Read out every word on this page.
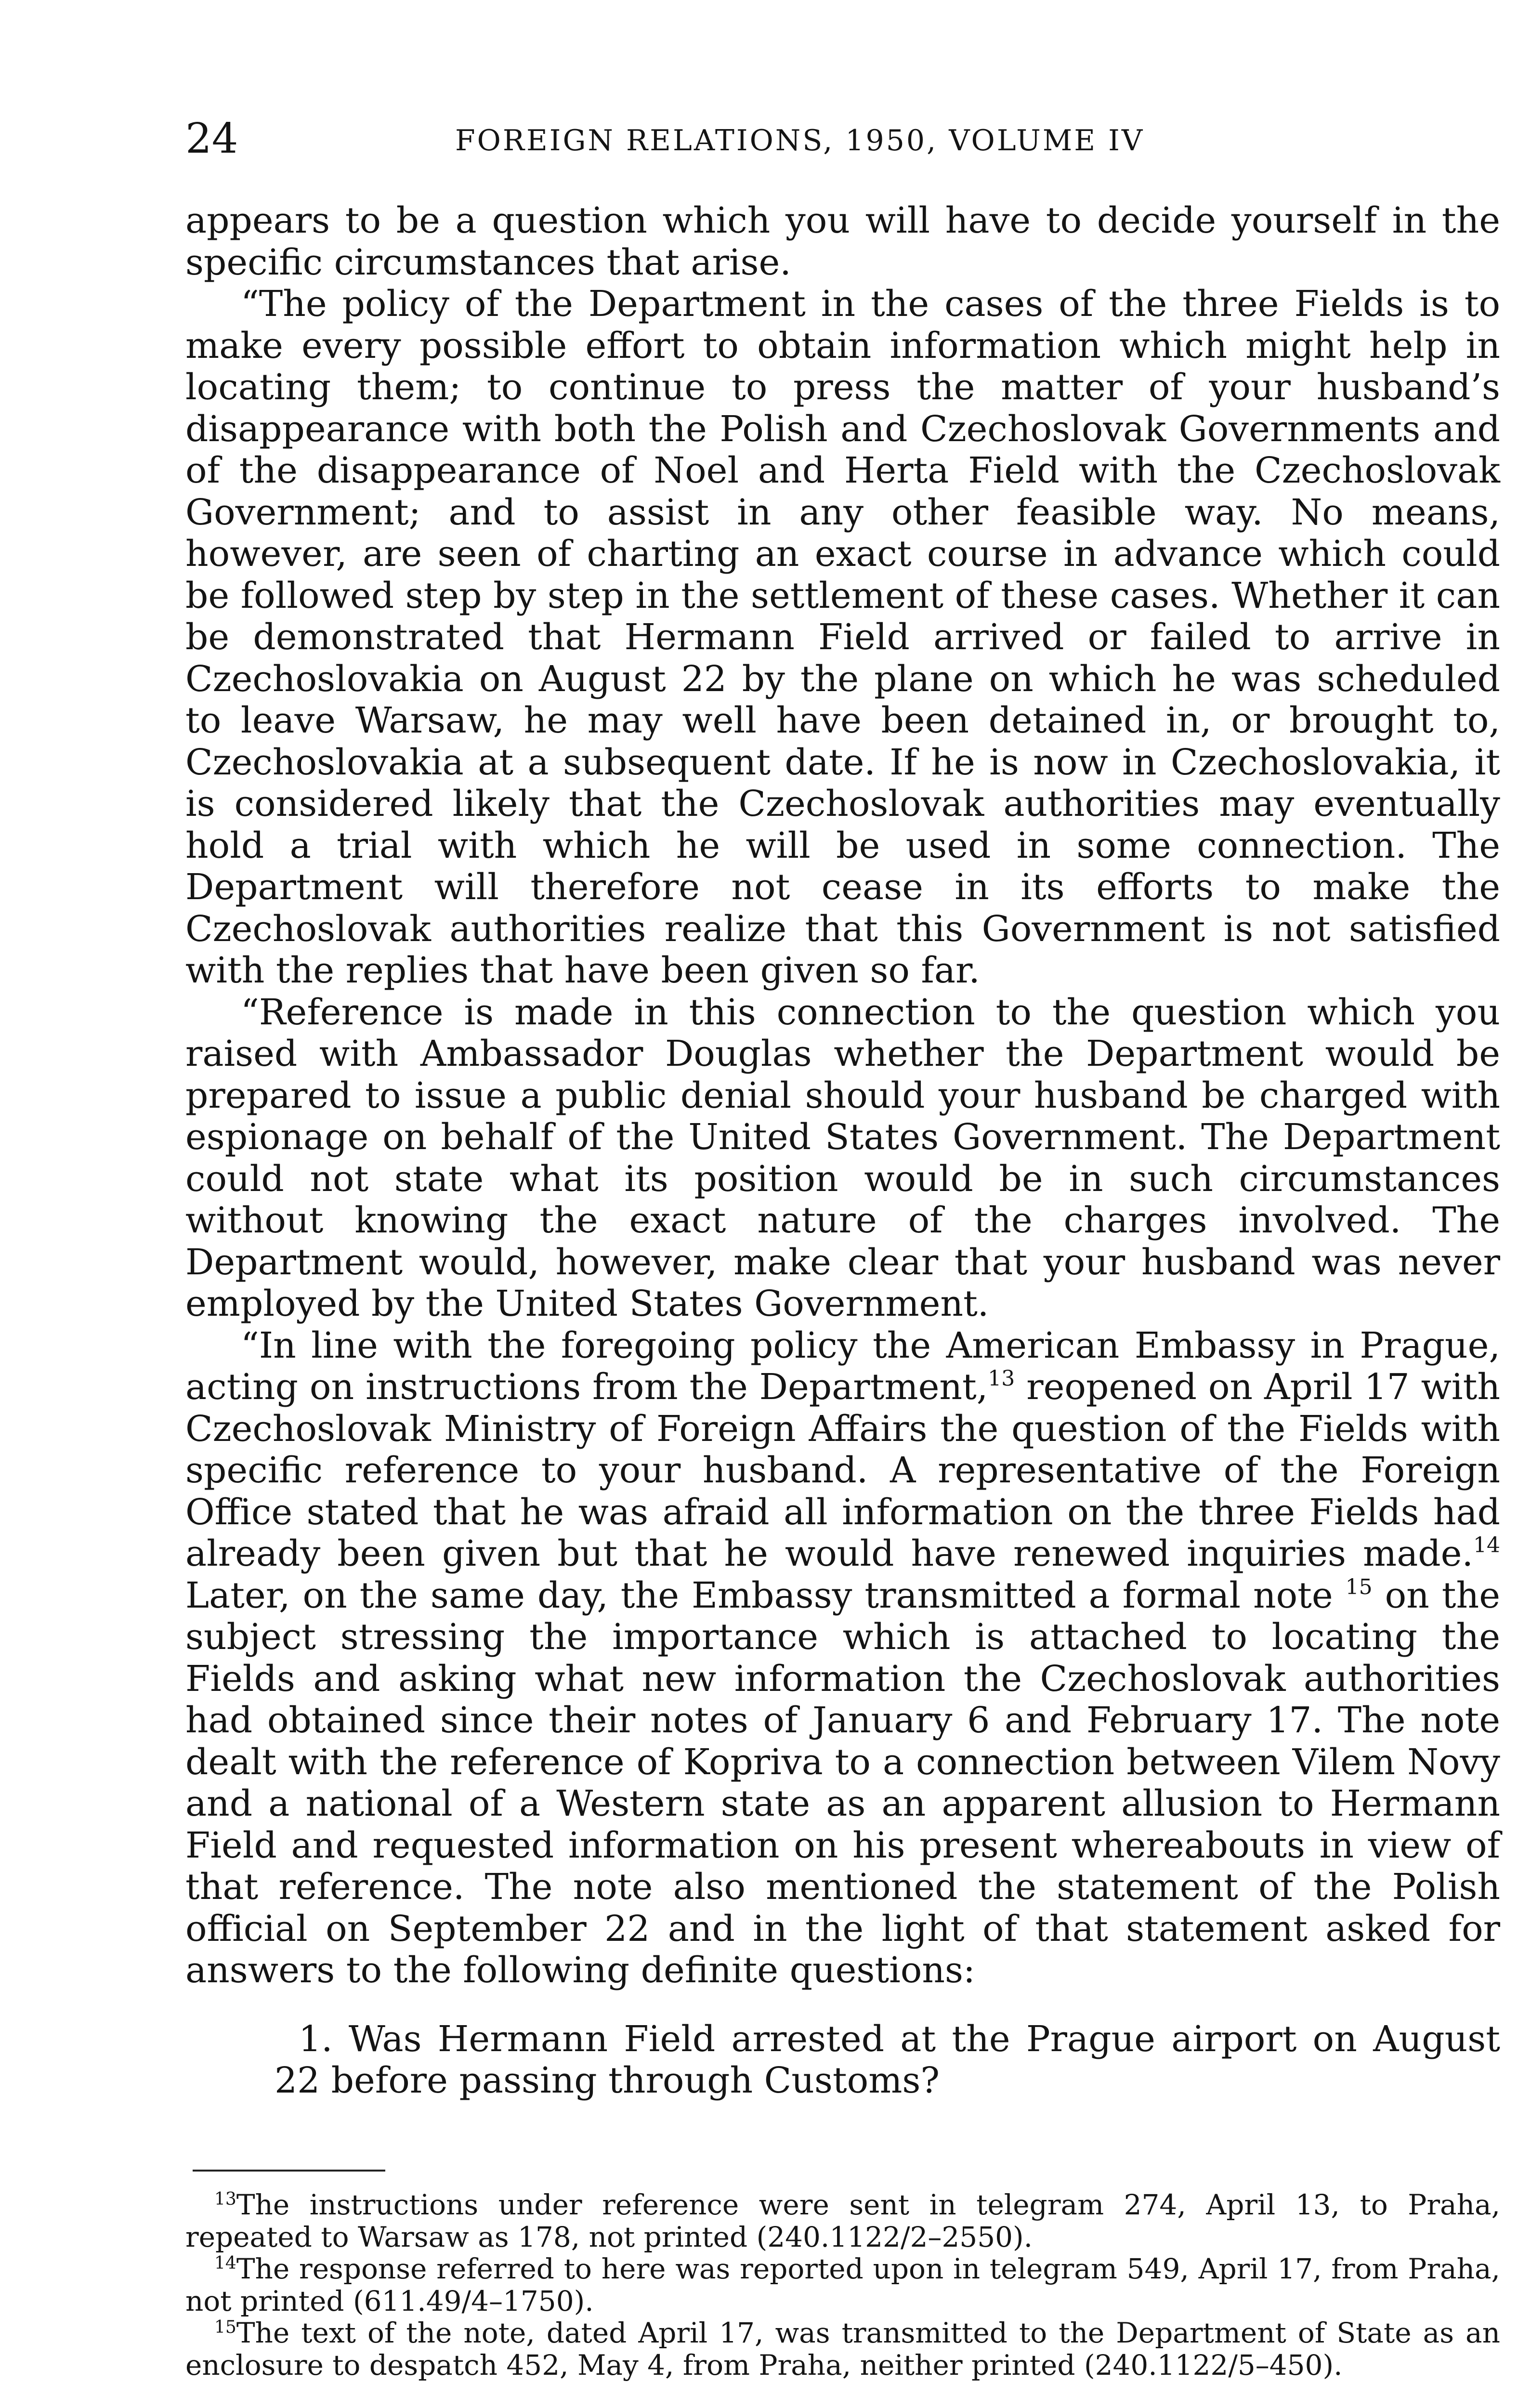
24	FOREIGN RELATIONS, 1950, VOLUME IV

appears to be a question which you will have to decide yourself in the specific circumstances that arise.

“The policy of the Department in the cases of the three Fields is to make every possible effort to obtain information which might help in locating them; to continue to press the matter of your husband’s disappearance with both the Polish and Czechoslovak Governments and of the disappearance of Noel and Herta Field with the Czechoslovak Government; and to assist in any other feasible way. No means, however, are seen of charting an exact course in advance which could be followed step by step in the settlement of these cases. Whether it can be demonstrated that Hermann Field arrived or failed to arrive in Czechoslovakia on August 22 by the plane on which he was scheduled to leave Warsaw, he may well have been detained in, or brought to, Czechoslovakia at a subsequent date. If he is now in Czechoslovakia, it is considered likely that the Czechoslovak authorities may eventually hold a trial with which he will be used in some connection. The Department will therefore not cease in its efforts to make the Czechoslovak authorities realize that this Government is not satisfied with the replies that have been given so far.

“Reference is made in this connection to the question which you raised with Ambassador Douglas whether the Department would be prepared to issue a public denial should your husband be charged with espionage on behalf of the United States Government. The Department could not state what its position would be in such circumstances without knowing the exact nature of the charges involved. The Department would, however, make clear that your husband was never employed by the United States Government.

“In line with the foregoing policy the American Embassy in Prague, acting on instructions from the Department,$^{13}$ reopened on April 17 with Czechoslovak Ministry of Foreign Affairs the question of the Fields with specific reference to your husband. A representative of the Foreign Office stated that he was afraid all information on the three Fields had already been given but that he would have renewed inquiries made.$^{14}$ Later, on the same day, the Embassy transmitted a formal note $^{15}$ on the subject stressing the importance which is attached to locating the Fields and asking what new information the Czechoslovak authorities had obtained since their notes of January 6 and February 17. The note dealt with the reference of Kopriva to a connection between Vilem Novy and a national of a Western state as an apparent allusion to Hermann Field and requested information on his present whereabouts in view of that reference. The note also mentioned the statement of the Polish official on September 22 and in the light of that statement asked for answers to the following definite questions:

1. Was Hermann Field arrested at the Prague airport on August 22 before passing through Customs?

$^{13}$The instructions under reference were sent in telegram 274, April 13, to Praha, repeated to Warsaw as 178, not printed (240.1122/2–2550).

$^{14}$The response referred to here was reported upon in telegram 549, April 17, from Praha, not printed (611.49/4–1750).

$^{15}$The text of the note, dated April 17, was transmitted to the Department of State as an enclosure to despatch 452, May 4, from Praha, neither printed (240.1122/5–450).
